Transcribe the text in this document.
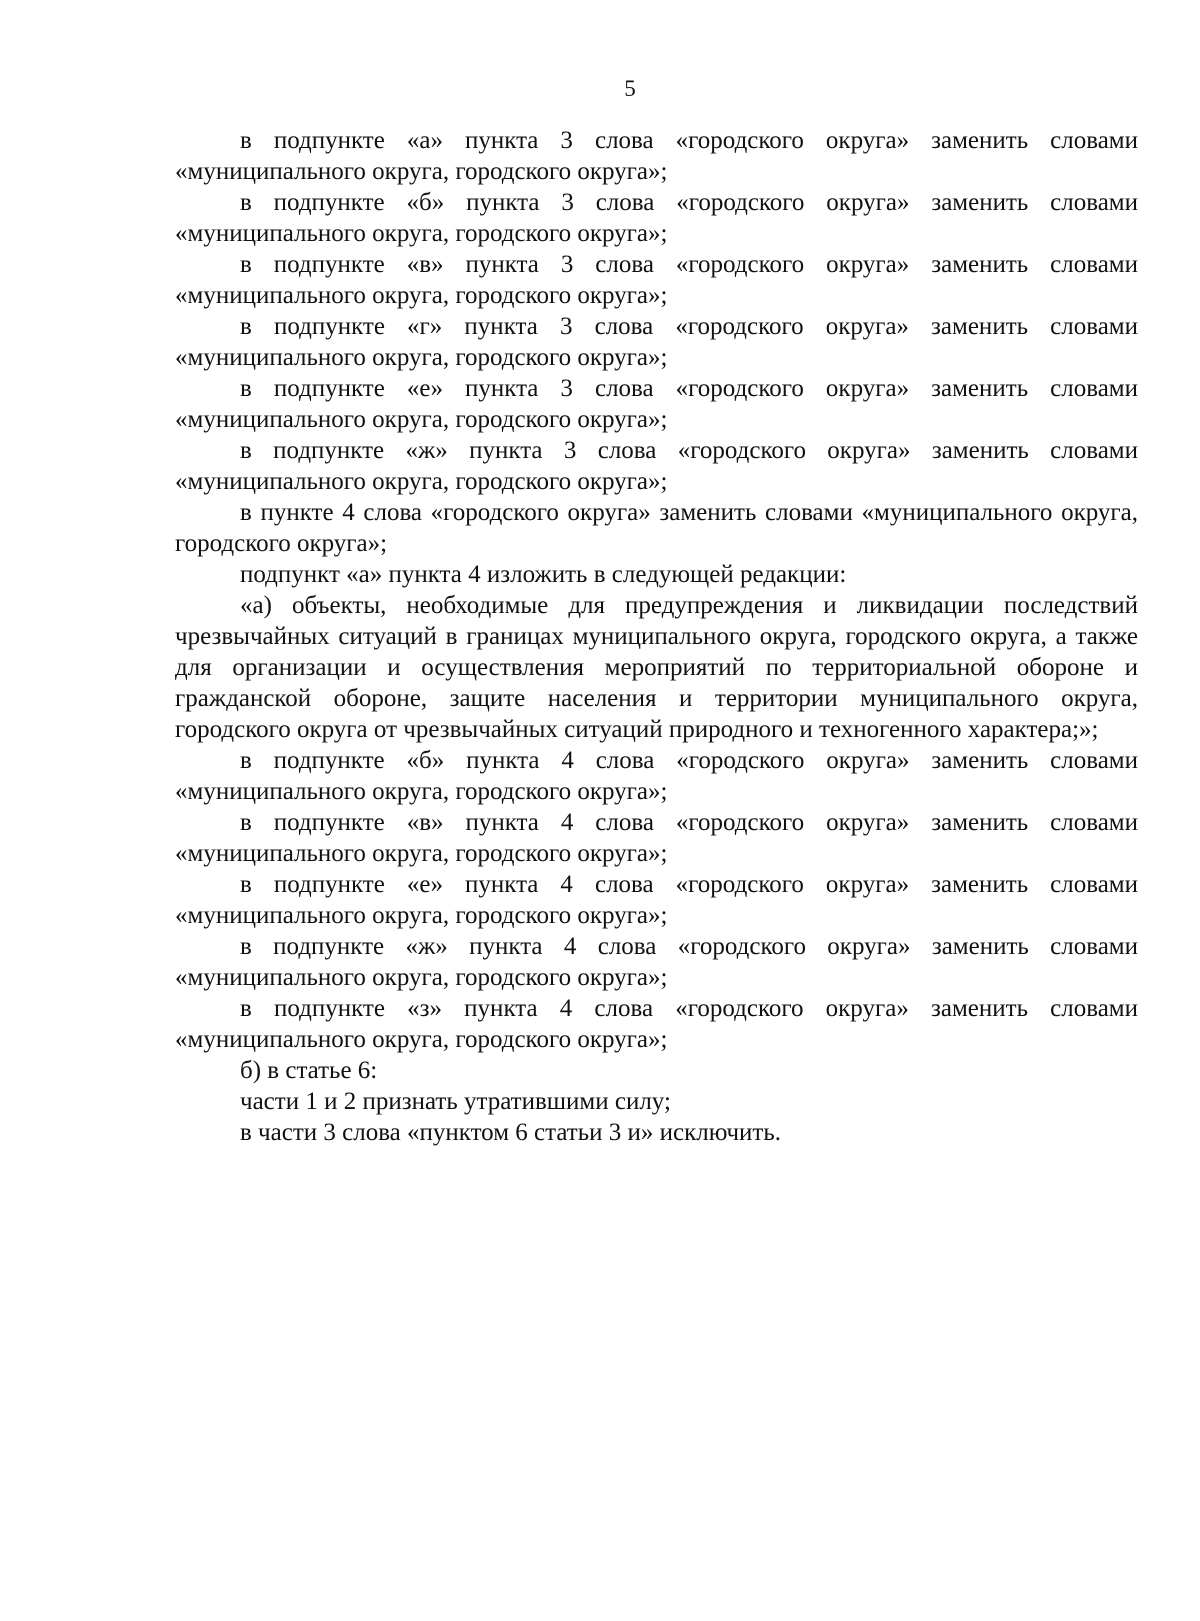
5

в подпункте «а» пункта 3 слова «городского округа» заменить словами «муниципального округа, городского округа»;

в подпункте «б» пункта 3 слова «городского округа» заменить словами «муниципального округа, городского округа»;

в подпункте «в» пункта 3 слова «городского округа» заменить словами «муниципального округа, городского округа»;

в подпункте «г» пункта 3 слова «городского округа» заменить словами «муниципального округа, городского округа»;

в подпункте «е» пункта 3 слова «городского округа» заменить словами «муниципального округа, городского округа»;

в подпункте «ж» пункта 3 слова «городского округа» заменить словами «муниципального округа, городского округа»;

в пункте 4 слова «городского округа» заменить словами «муниципального округа, городского округа»;

подпункт «а» пункта 4 изложить в следующей редакции:

«а) объекты, необходимые для предупреждения и ликвидации последствий чрезвычайных ситуаций в границах муниципального округа, городского округа, а также для организации и осуществления мероприятий по территориальной обороне и гражданской обороне, защите населения и территории муниципального округа, городского округа от чрезвычайных ситуаций природного и техногенного характера;»;

в подпункте «б» пункта 4 слова «городского округа» заменить словами «муниципального округа, городского округа»;

в подпункте «в» пункта 4 слова «городского округа» заменить словами «муниципального округа, городского округа»;

в подпункте «е» пункта 4 слова «городского округа» заменить словами «муниципального округа, городского округа»;

в подпункте «ж» пункта 4 слова «городского округа» заменить словами «муниципального округа, городского округа»;

в подпункте «з» пункта 4 слова «городского округа» заменить словами «муниципального округа, городского округа»;

б) в статье 6:

части 1 и 2 признать утратившими силу;

в части 3 слова «пунктом 6 статьи 3 и» исключить.
